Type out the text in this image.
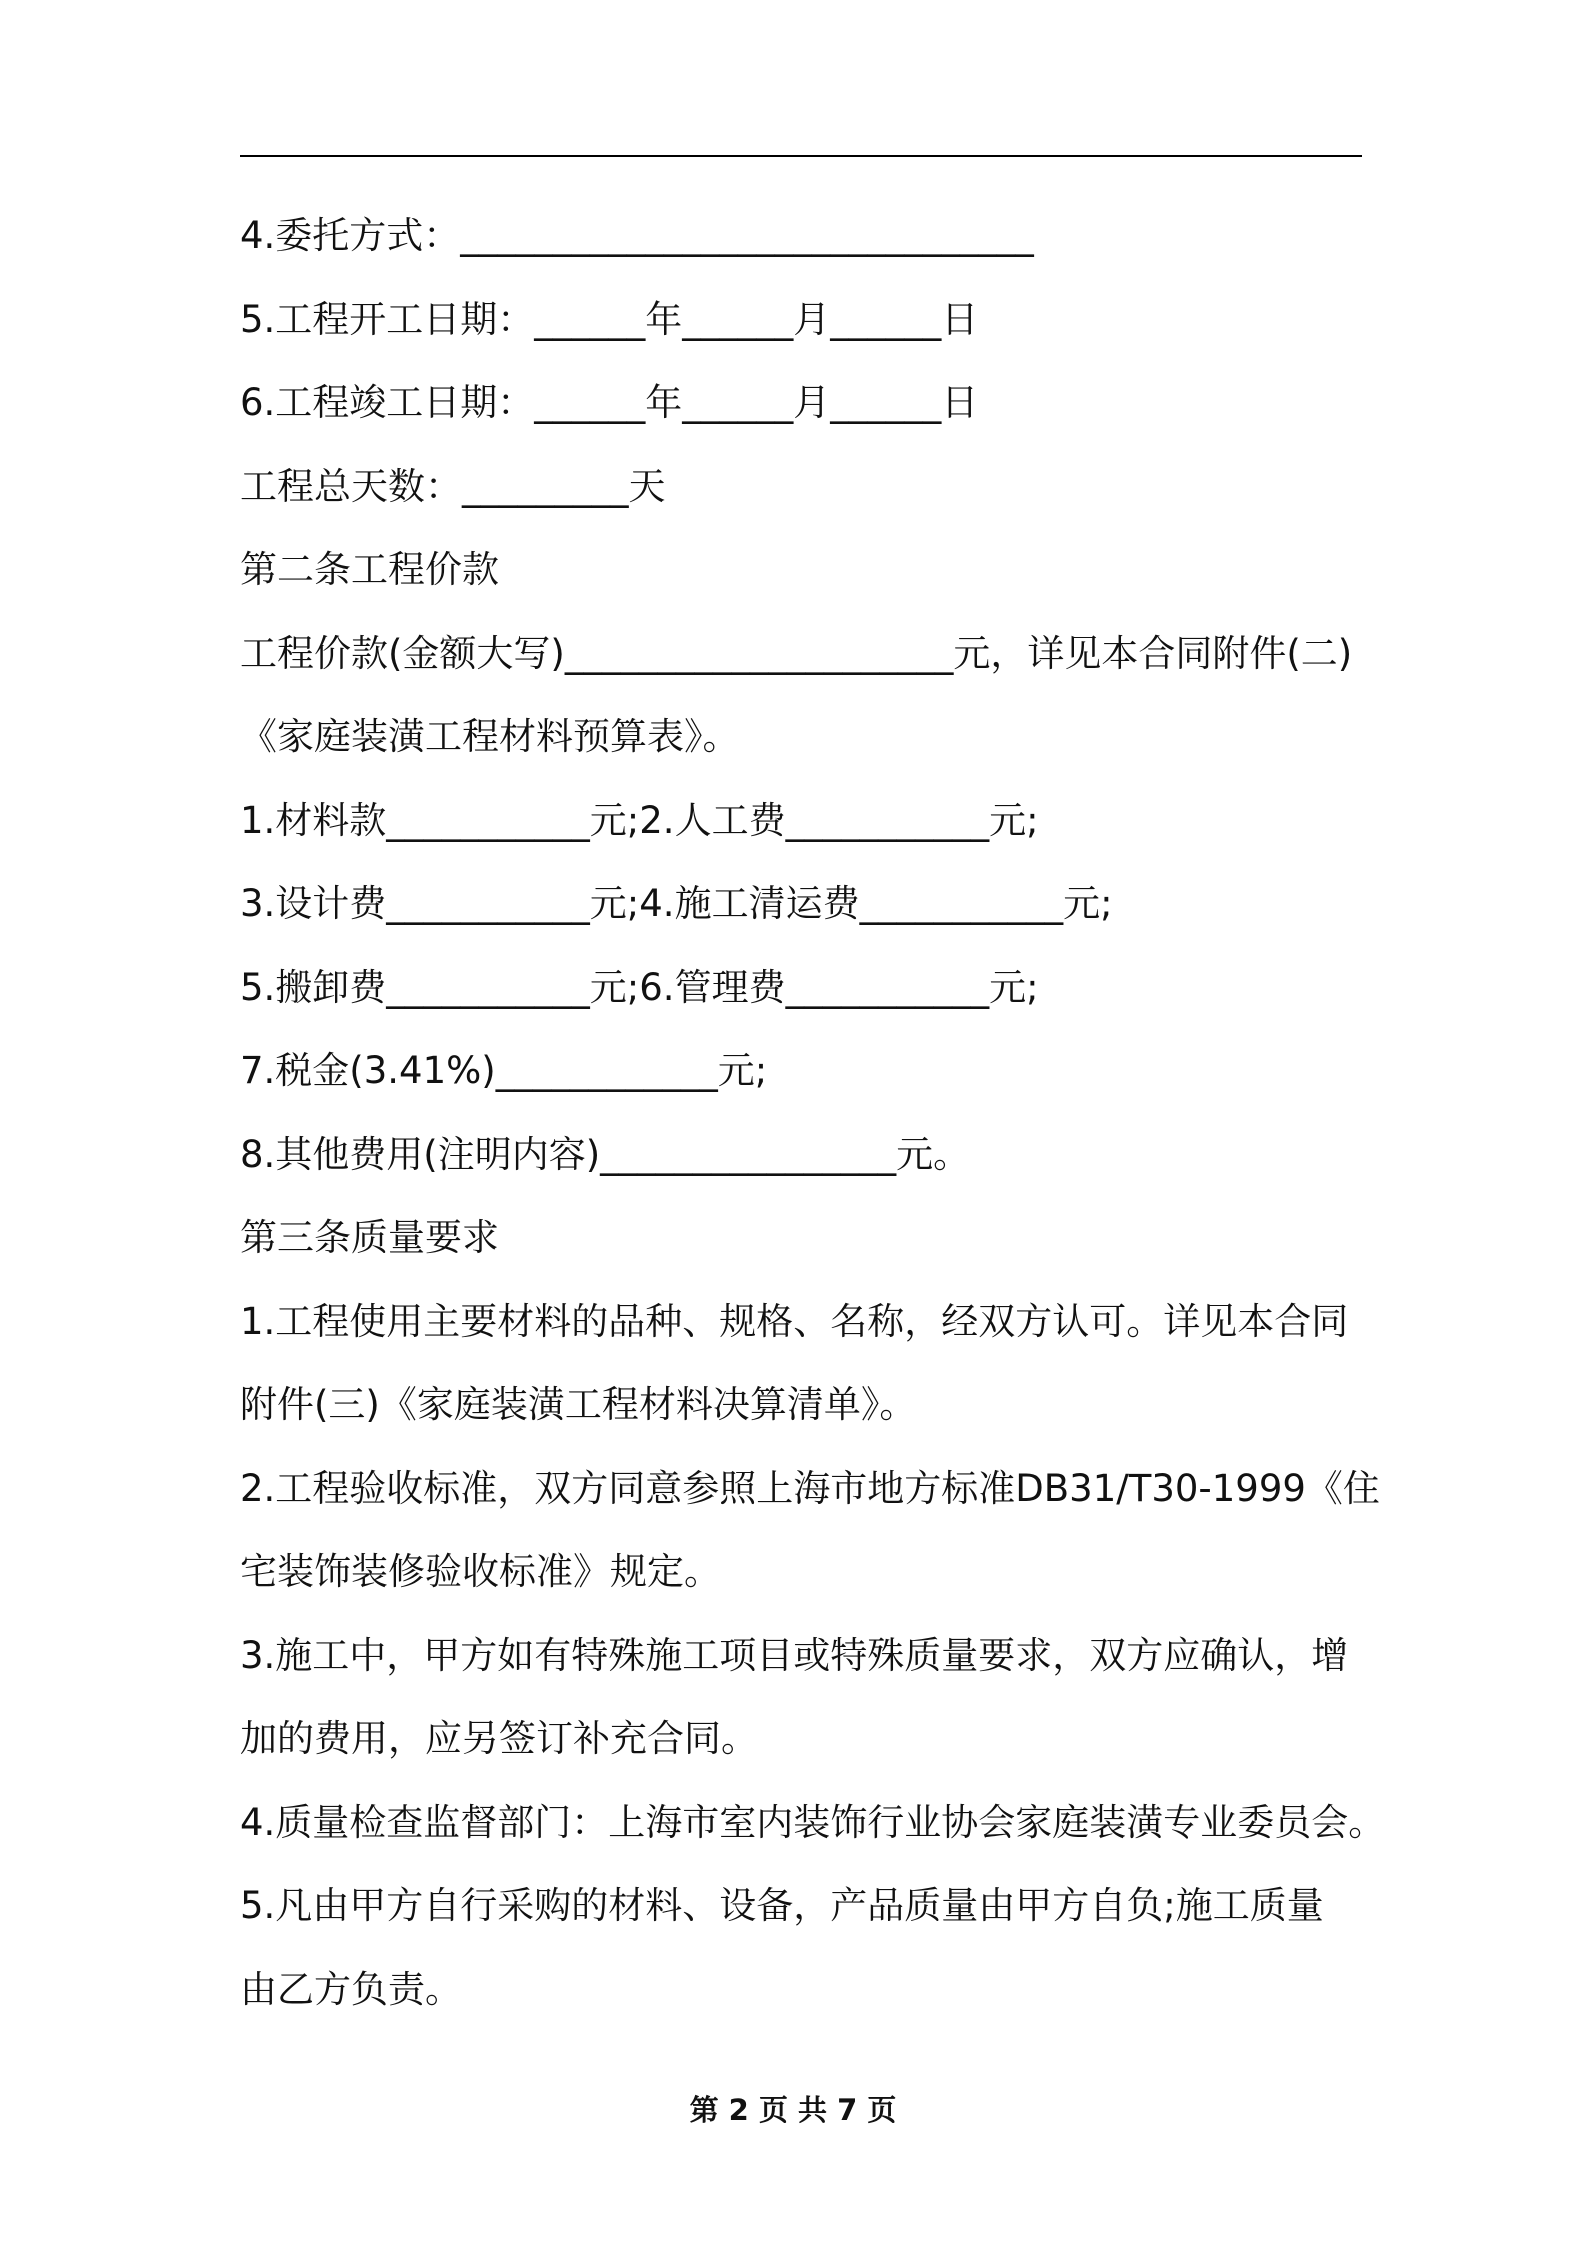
4.委托方式：_______________________________
5.工程开工日期：______年______月______日
6.工程竣工日期：______年______月______日
工程总天数：_________天
第二条工程价款
工程价款(金额大写)_____________________元，详见本合同附件(二)
《家庭装潢工程材料预算表》。
1.材料款___________元;2.人工费___________元;
3.设计费___________元;4.施工清运费___________元;
5.搬卸费___________元;6.管理费___________元;
7.税金(3.41%)____________元;
8.其他费用(注明内容)________________元。
第三条质量要求
1.工程使用主要材料的品种、规格、名称，经双方认可。详见本合同
附件(三)《家庭装潢工程材料决算清单》。
2.工程验收标准，双方同意参照上海市地方标准DB31/T30-1999《住
宅装饰装修验收标准》规定。
3.施工中，甲方如有特殊施工项目或特殊质量要求，双方应确认，增
加的费用，应另签订补充合同。
4.质量检查监督部门：上海市室内装饰行业协会家庭装潢专业委员会。
5.凡由甲方自行采购的材料、设备，产品质量由甲方自负;施工质量
由乙方负责。
第 2 页 共 7 页
